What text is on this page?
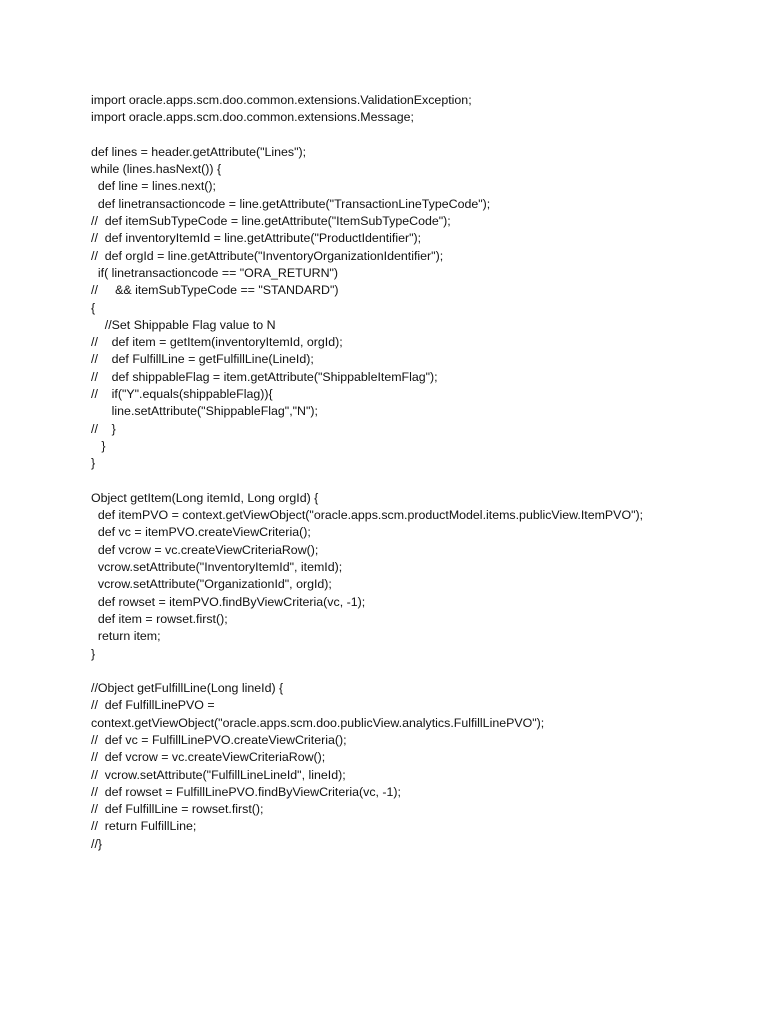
import oracle.apps.scm.doo.common.extensions.ValidationException;
import oracle.apps.scm.doo.common.extensions.Message;
def lines = header.getAttribute("Lines");
while (lines.hasNext()) {
def line = lines.next();
def linetransactioncode = line.getAttribute("TransactionLineTypeCode");
//  def itemSubTypeCode = line.getAttribute("ItemSubTypeCode");
//  def inventoryItemId = line.getAttribute("ProductIdentifier");
//  def orgId = line.getAttribute("InventoryOrganizationIdentifier");
if( linetransactioncode == "ORA_RETURN")
//     && itemSubTypeCode == "STANDARD")
{
//Set Shippable Flag value to N
//    def item = getItem(inventoryItemId, orgId);
//    def FulfillLine = getFulfillLine(LineId);
//    def shippableFlag = item.getAttribute("ShippableItemFlag");
//    if("Y".equals(shippableFlag)){
line.setAttribute("ShippableFlag","N");
//    }
}
}
Object getItem(Long itemId, Long orgId) {
def itemPVO = context.getViewObject("oracle.apps.scm.productModel.items.publicView.ItemPVO");
def vc = itemPVO.createViewCriteria();
def vcrow = vc.createViewCriteriaRow();
vcrow.setAttribute("InventoryItemId", itemId);
vcrow.setAttribute("OrganizationId", orgId);
def rowset = itemPVO.findByViewCriteria(vc, -1);
def item = rowset.first();
return item;
}
//Object getFulfillLine(Long lineId) {
//  def FulfillLinePVO =
context.getViewObject("oracle.apps.scm.doo.publicView.analytics.FulfillLinePVO");
//  def vc = FulfillLinePVO.createViewCriteria();
//  def vcrow = vc.createViewCriteriaRow();
//  vcrow.setAttribute("FulfillLineLineId", lineId);
//  def rowset = FulfillLinePVO.findByViewCriteria(vc, -1);
//  def FulfillLine = rowset.first();
//  return FulfillLine;
//}
